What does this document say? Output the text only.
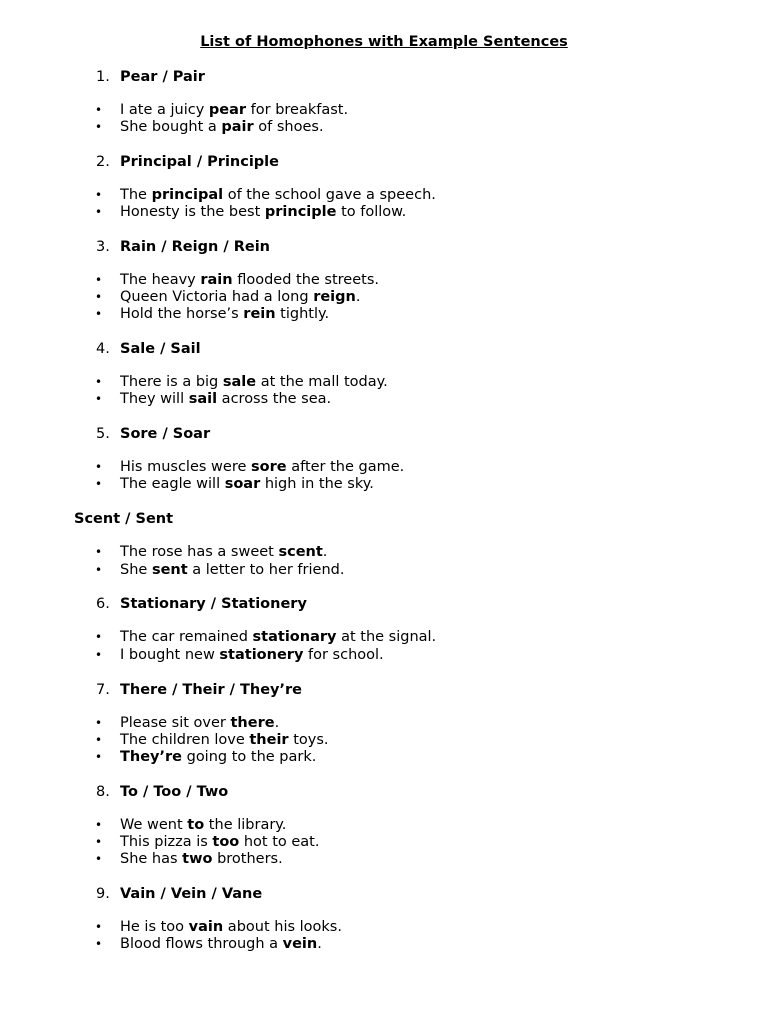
List of Homophones with Example Sentences
1. Pear / Pair
• I ate a juicy pear for breakfast.
• She bought a pair of shoes.
2. Principal / Principle
• The principal of the school gave a speech.
• Honesty is the best principle to follow.
3. Rain / Reign / Rein
• The heavy rain flooded the streets.
• Queen Victoria had a long reign.
• Hold the horse’s rein tightly.
4. Sale / Sail
• There is a big sale at the mall today.
• They will sail across the sea.
5. Sore / Soar
• His muscles were sore after the game.
• The eagle will soar high in the sky.
Scent / Sent
• The rose has a sweet scent.
• She sent a letter to her friend.
6. Stationary / Stationery
• The car remained stationary at the signal.
• I bought new stationery for school.
7. There / Their / They’re
• Please sit over there.
• The children love their toys.
• They’re going to the park.
8. To / Too / Two
• We went to the library.
• This pizza is too hot to eat.
• She has two brothers.
9. Vain / Vein / Vane
• He is too vain about his looks.
• Blood flows through a vein.
